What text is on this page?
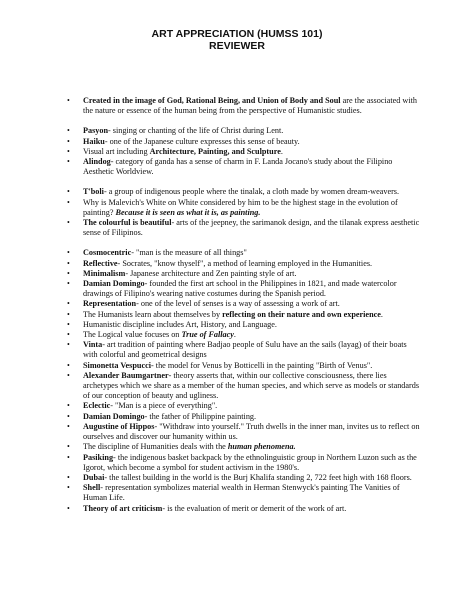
ART APPRECIATION (HUMSS 101)
REVIEWER
• Created in the image of God, Rational Being, and Union of Body and Soul are the associated with the nature or essence of the human being from the perspective of Humanistic studies.
• Pasyon- singing or chanting of the life of Christ during Lent.
• Haiku- one of the Japanese culture expresses this sense of beauty.
• Visual art including Architecture, Painting, and Sculpture.
• Alindog- category of ganda has a sense of charm in F. Landa Jocano's study about the Filipino Aesthetic Worldview.
• T'boli- a group of indigenous people where the tinalak, a cloth made by women dream-weavers.
• Why is Malevich's White on White considered by him to be the highest stage in the evolution of painting? Because it is seen as what it is, as painting.
• The colourful is beautiful- arts of the jeepney, the sarimanok design, and the tilanak express aesthetic sense of Filipinos.
• Cosmocentric- "man is the measure of all things"
• Reflective- Socrates, "know thyself", a method of learning employed in the Humanities.
• Minimalism- Japanese architecture and Zen painting style of art.
• Damian Domingo- founded the first art school in the Philippines in 1821, and made watercolor drawings of Filipino's wearing native costumes during the Spanish period.
• Representation- one of the level of senses is a way of assessing a work of art.
• The Humanists learn about themselves by reflecting on their nature and own experience.
• Humanistic discipline includes Art, History, and Language.
• The Logical value focuses on True of Fallacy.
• Vinta- art tradition of painting where Badjao people of Sulu have an the sails (layag) of their boats with colorful and geometrical designs
• Simonetta Vespucci- the model for Venus by Botticelli in the painting "Birth of Venus".
• Alexander Baumgartner- theory asserts that, within our collective consciousness, there lies archetypes which we share as a member of the human species, and which serve as models or standards of our conception of beauty and ugliness.
• Eclectic- "Man is a piece of everything".
• Damian Domingo- the father of Philippine painting.
• Augustine of Hippos- "Withdraw into yourself." Truth dwells in the inner man, invites us to reflect on ourselves and discover our humanity within us.
• The discipline of Humanities deals with the human phenomena.
• Pasiking- the indigenous basket backpack by the ethnolinguistic group in Northern Luzon such as the Igorot, which become a symbol for student activism in the 1980's.
• Dubai- the tallest building in the world is the Burj Khalifa standing 2, 722 feet high with 168 floors.
• Shell- representation symbolizes material wealth in Herman Stenwyck's painting The Vanities of Human Life.
• Theory of art criticism- is the evaluation of merit or demerit of the work of art.
